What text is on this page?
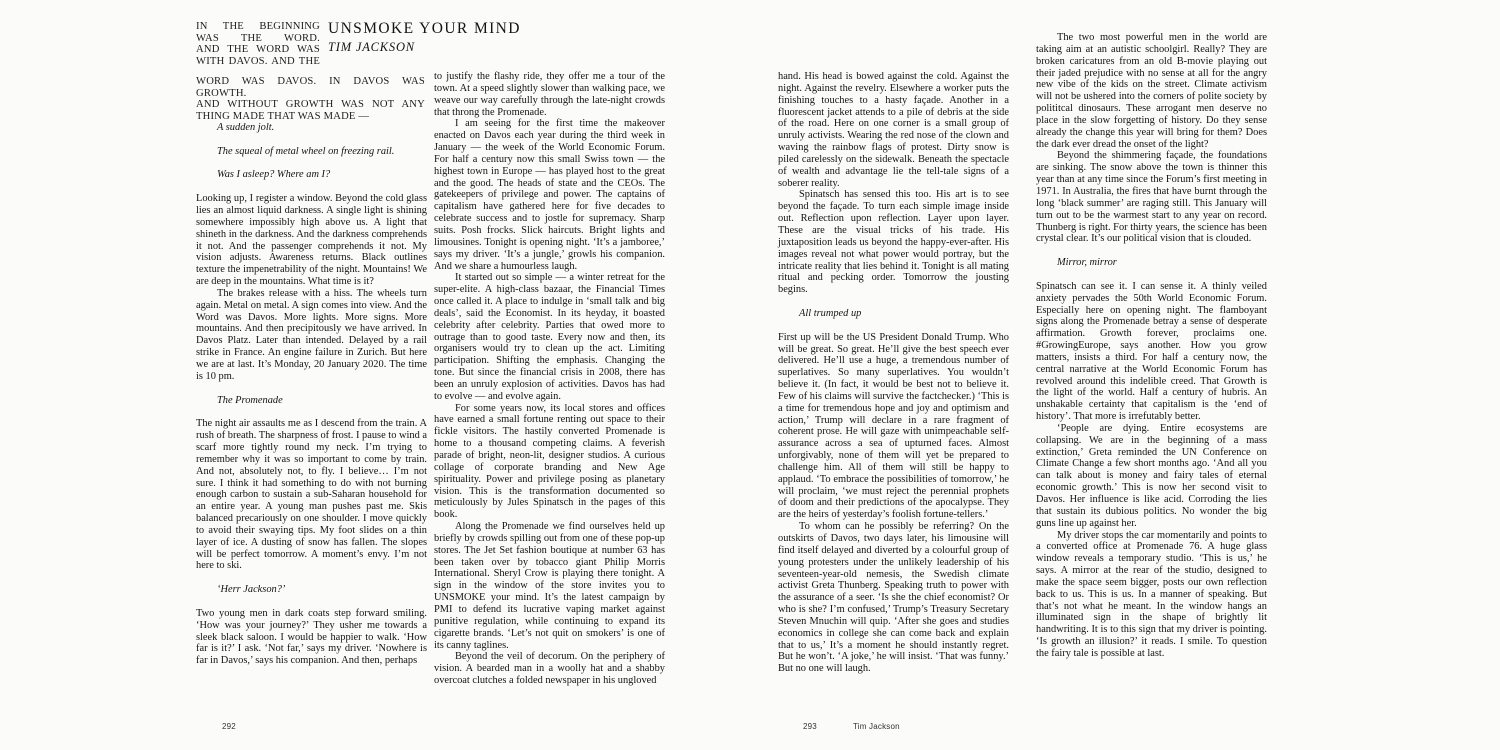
IN THE BEGINNING
WAS THE WORD.
AND THE WORD WAS
WITH DAVOS. AND THE
UNSMOKE YOUR MIND
TIM JACKSON
WORD WAS DAVOS. IN DAVOS WAS GROWTH.
AND WITHOUT GROWTH WAS NOT ANY
THING MADE THAT WAS MADE —

A sudden jolt.

The squeal of metal wheel on freezing rail.

Was I asleep? Where am I?

Looking up, I register a window. Beyond the cold glass lies an almost liquid darkness. A single light is shining somewhere impossibly high above us. A light that shineth in the darkness. And the darkness comprehends it not. And the passenger comprehends it not. My vision adjusts. Awareness returns. Black outlines texture the impenetrability of the night. Mountains! We are deep in the mountains. What time is it?

The brakes release with a hiss. The wheels turn again. Metal on metal. A sign comes into view. And the Word was Davos. More lights. More signs. More mountains. And then precipitously we have arrived. In Davos Platz. Later than intended. Delayed by a rail strike in France. An engine failure in Zurich. But here we are at last. It’s Monday, 20 January 2020. The time is 10 pm.

The Promenade

The night air assaults me as I descend from the train. A rush of breath. The sharpness of frost. I pause to wind a scarf more tightly round my neck. I’m trying to remember why it was so important to come by train. And not, absolutely not, to fly. I believe… I’m not sure. I think it had something to do with not burning enough carbon to sustain a sub-Saharan household for an entire year. A young man pushes past me. Skis balanced precariously on one shoulder. I move quickly to avoid their swaying tips. My foot slides on a thin layer of ice. A dusting of snow has fallen. The slopes will be perfect tomorrow. A moment’s envy. I’m not here to ski.

‘Herr Jackson?’

Two young men in dark coats step forward smiling. ‘How was your journey?’ They usher me towards a sleek black saloon. I would be happier to walk. ‘How far is it?’ I ask. ‘Not far,’ says my driver. ‘Nowhere is far in Davos,’ says his companion. And then, perhaps

to justify the flashy ride, they offer me a tour of the town. At a speed slightly slower than walking pace, we weave our way carefully through the late-night crowds that throng the Promenade.

I am seeing for the first time the makeover enacted on Davos each year during the third week in January — the week of the World Economic Forum. For half a century now this small Swiss town — the highest town in Europe — has played host to the great and the good. The heads of state and the CEOs. The gatekeepers of privilege and power. The captains of capitalism have gathered here for five decades to celebrate success and to jostle for supremacy. Sharp suits. Posh frocks. Slick haircuts. Bright lights and limousines. Tonight is opening night. ‘It’s a jamboree,’ says my driver. ‘It’s a jungle,’ growls his companion. And we share a humourless laugh.

It started out so simple — a winter retreat for the super-elite. A high-class bazaar, the Financial Times once called it. A place to indulge in ‘small talk and big deals’, said the Economist. In its heyday, it boasted celebrity after celebrity. Parties that owed more to outrage than to good taste. Every now and then, its organisers would try to clean up the act. Limiting participation. Shifting the emphasis. Changing the tone. But since the financial crisis in 2008, there has been an unruly explosion of activities. Davos has had to evolve — and evolve again.

For some years now, its local stores and offices have earned a small fortune renting out space to their fickle visitors. The hastily converted Promenade is home to a thousand competing claims. A feverish parade of bright, neon-lit, designer studios. A curious collage of corporate branding and New Age spirituality. Power and privilege posing as planetary vision. This is the transformation documented so meticulously by Jules Spinatsch in the pages of this book.

Along the Promenade we find ourselves held up briefly by crowds spilling out from one of these pop-up stores. The Jet Set fashion boutique at number 63 has been taken over by tobacco giant Philip Morris International. Sheryl Crow is playing there tonight. A sign in the window of the store invites you to UNSMOKE your mind. It’s the latest campaign by PMI to defend its lucrative vaping market against punitive regulation, while continuing to expand its cigarette brands. ‘Let’s not quit on smokers’ is one of its canny taglines.

Beyond the veil of decorum. On the periphery of vision. A bearded man in a woolly hat and a shabby overcoat clutches a folded newspaper in his ungloved

hand. His head is bowed against the cold. Against the night. Against the revelry. Elsewhere a worker puts the finishing touches to a hasty façade. Another in a fluorescent jacket attends to a pile of debris at the side of the road. Here on one corner is a small group of unruly activists. Wearing the red nose of the clown and waving the rainbow flags of protest. Dirty snow is piled carelessly on the sidewalk. Beneath the spectacle of wealth and advantage lie the tell-tale signs of a soberer reality.

Spinatsch has sensed this too. His art is to see beyond the façade. To turn each simple image inside out. Reflection upon reflection. Layer upon layer. These are the visual tricks of his trade. His juxtaposition leads us beyond the happy-ever-after. His images reveal not what power would portray, but the intricate reality that lies behind it. Tonight is all mating ritual and pecking order. Tomorrow the jousting begins.

All trumped up

First up will be the US President Donald Trump. Who will be great. So great. He’ll give the best speech ever delivered. He’ll use a huge, a tremendous number of superlatives. So many superlatives. You wouldn’t believe it. (In fact, it would be best not to believe it. Few of his claims will survive the factchecker.) ‘This is a time for tremendous hope and joy and optimism and action,’ Trump will declare in a rare fragment of coherent prose. He will gaze with unimpeachable self-assurance across a sea of upturned faces. Almost unforgivably, none of them will yet be prepared to challenge him. All of them will still be happy to applaud. ‘To embrace the possibilities of tomorrow,’ he will proclaim, ‘we must reject the perennial prophets of doom and their predictions of the apocalypse. They are the heirs of yesterday’s foolish fortune-tellers.’

To whom can he possibly be referring? On the outskirts of Davos, two days later, his limousine will find itself delayed and diverted by a colourful group of young protesters under the unlikely leadership of his seventeen-year-old nemesis, the Swedish climate activist Greta Thunberg. Speaking truth to power with the assurance of a seer. ‘Is she the chief economist? Or who is she? I’m confused,’ Trump’s Treasury Secretary Steven Mnuchin will quip. ‘After she goes and studies economics in college she can come back and explain that to us,’ It’s a moment he should instantly regret. But he won’t. ‘A joke,’ he will insist. ‘That was funny.’ But no one will laugh.

The two most powerful men in the world are taking aim at an autistic schoolgirl. Really? They are broken caricatures from an old B-movie playing out their jaded prejudice with no sense at all for the angry new vibe of the kids on the street. Climate activism will not be ushered into the corners of polite society by polititcal dinosaurs. These arrogant men deserve no place in the slow forgetting of history. Do they sense already the change this year will bring for them? Does the dark ever dread the onset of the light?

Beyond the shimmering façade, the foundations are sinking. The snow above the town is thinner this year than at any time since the Forum’s first meeting in 1971. In Australia, the fires that have burnt through the long ‘black summer’ are raging still. This January will turn out to be the warmest start to any year on record. Thunberg is right. For thirty years, the science has been crystal clear. It’s our political vision that is clouded.

Mirror, mirror

Spinatsch can see it. I can sense it. A thinly veiled anxiety pervades the 50th World Economic Forum. Especially here on opening night. The flamboyant signs along the Promenade betray a sense of desperate affirmation. Growth forever, proclaims one. #GrowingEurope, says another. How you grow matters, insists a third. For half a century now, the central narrative at the World Economic Forum has revolved around this indelible creed. That Growth is the light of the world. Half a century of hubris. An unshakable certainty that capitalism is the ‘end of history’. That more is irrefutably better.

‘People are dying. Entire ecosystems are collapsing. We are in the beginning of a mass extinction,’ Greta reminded the UN Conference on Climate Change a few short months ago. ‘And all you can talk about is money and fairy tales of eternal economic growth.’ This is now her second visit to Davos. Her influence is like acid. Corroding the lies that sustain its dubious politics. No wonder the big guns line up against her.

My driver stops the car momentarily and points to a converted office at Promenade 76. A huge glass window reveals a temporary studio. ‘This is us,’ he says. A mirror at the rear of the studio, designed to make the space seem bigger, posts our own reflection back to us. This is us. In a manner of speaking. But that’s not what he meant. In the window hangs an illuminated sign in the shape of brightly lit handwriting. It is to this sign that my driver is pointing. ‘Is growth an illusion?’ it reads. I smile. To question the fairy tale is possible at last.

292	293	Tim Jackson
